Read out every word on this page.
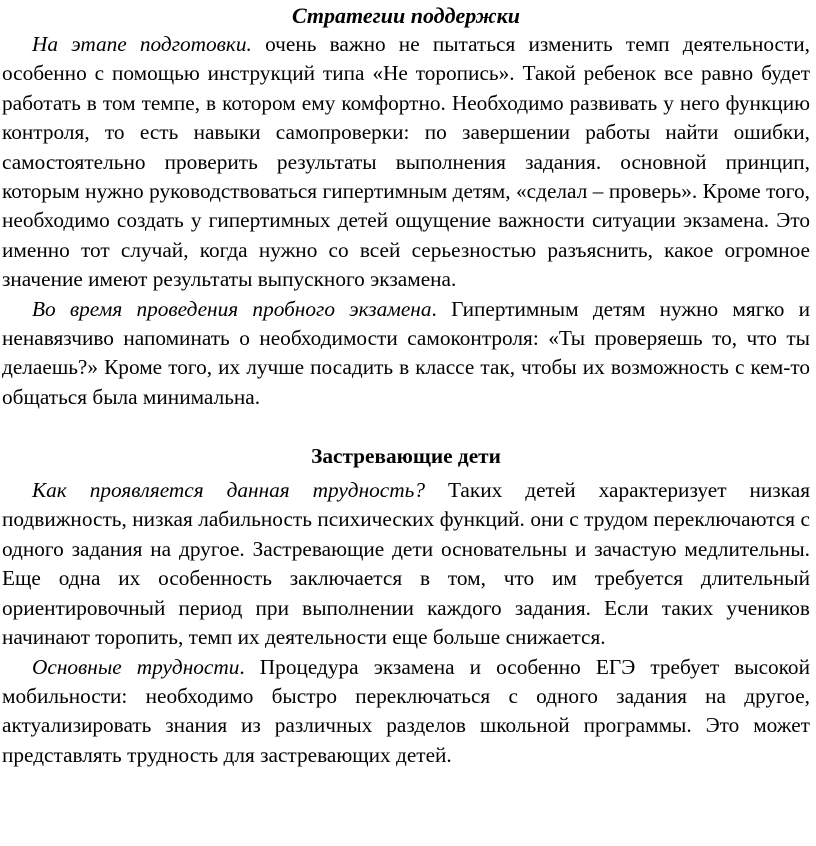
Стратегии поддержки

На этапе подготовки. очень важно не пытаться изменить темп деятельности, особенно с помощью инструкций типа «Не торопись». Такой ребенок все равно будет работать в том темпе, в котором ему комфортно. Необходимо развивать у него функцию контроля, то есть навыки самопроверки: по завершении работы найти ошибки, самостоятельно проверить результаты выполнения задания. основной принцип, которым нужно руководствоваться гипертимным детям, «сделал – проверь». Кроме того, необходимо создать у гипертимных детей ощущение важности ситуации экзамена. Это именно тот случай, когда нужно со всей серьезностью разъяснить, какое огромное значение имеют результаты выпускного экзамена.

Во время проведения пробного экзамена. Гипертимным детям нужно мягко и ненавязчиво напоминать о необходимости самоконтроля: «Ты проверяешь то, что ты делаешь?» Кроме того, их лучше посадить в классе так, чтобы их возможность с кем-то общаться была минимальна.

Застревающие дети

Как проявляется данная трудность? Таких детей характеризует низкая подвижность, низкая лабильность психических функций. они с трудом переключаются с одного задания на другое. Застревающие дети основательны и зачастую медлительны. Еще одна их особенность заключается в том, что им требуется длительный ориентировочный период при выполнении каждого задания. Если таких учеников начинают торопить, темп их деятельности еще больше снижается.

Основные трудности. Процедура экзамена и особенно ЕГЭ требует высокой мобильности: необходимо быстро переключаться с одного задания на другое, актуализировать знания из различных разделов школьной программы. Это может представлять трудность для застревающих детей.
